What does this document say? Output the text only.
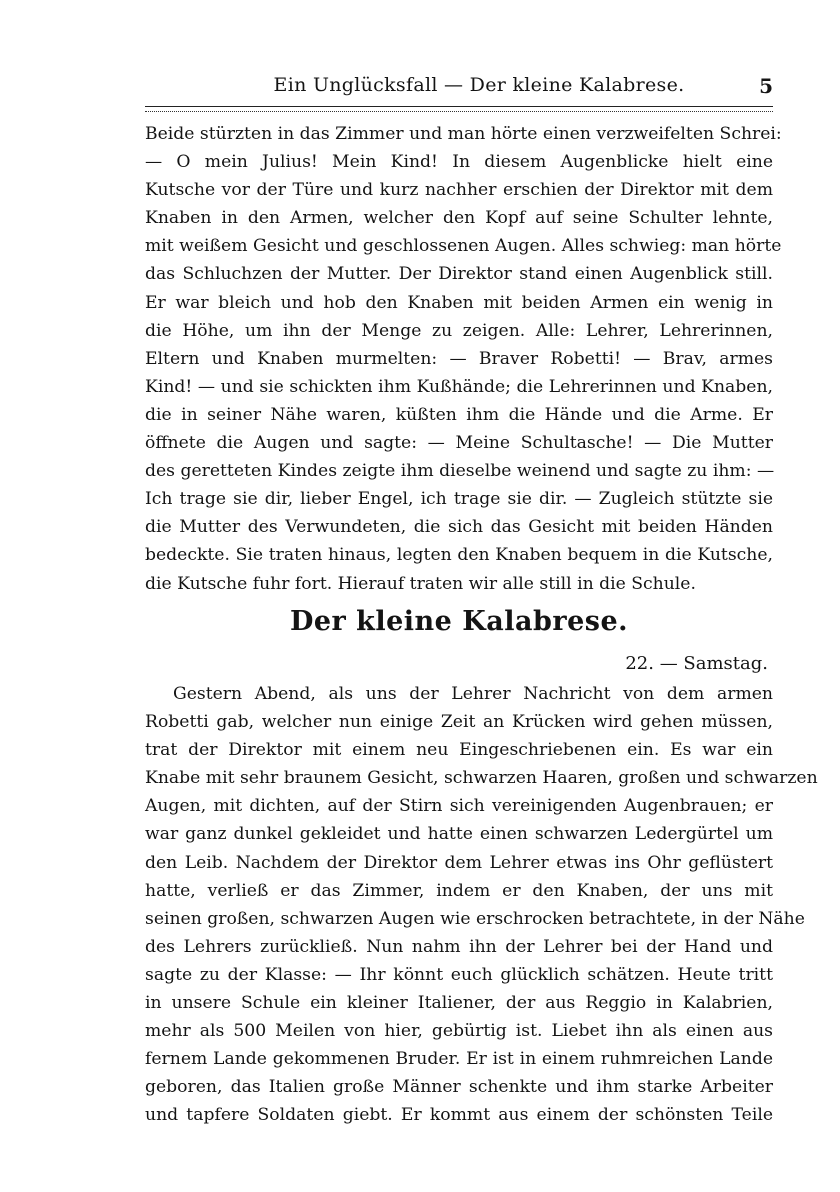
Ein Unglücksfall — Der kleine Kalabrese.	5
Beide stürzten in das Zimmer und man hörte einen verzweifelten Schrei:
— O mein Julius! Mein Kind! In diesem Augenblicke hielt eine
Kutsche vor der Türe und kurz nachher erschien der Direktor mit dem
Knaben in den Armen, welcher den Kopf auf seine Schulter lehnte,
mit weißem Gesicht und geschlossenen Augen. Alles schwieg: man hörte
das Schluchzen der Mutter. Der Direktor stand einen Augenblick still.
Er war bleich und hob den Knaben mit beiden Armen ein wenig in
die Höhe, um ihn der Menge zu zeigen. Alle: Lehrer, Lehrerinnen,
Eltern und Knaben murmelten: — Braver Robetti! — Brav, armes
Kind! — und sie schickten ihm Kußhände; die Lehrerinnen und Knaben,
die in seiner Nähe waren, küßten ihm die Hände und die Arme. Er
öffnete die Augen und sagte: — Meine Schultasche! — Die Mutter
des geretteten Kindes zeigte ihm dieselbe weinend und sagte zu ihm: —
Ich trage sie dir, lieber Engel, ich trage sie dir. — Zugleich stützte sie
die Mutter des Verwundeten, die sich das Gesicht mit beiden Händen
bedeckte. Sie traten hinaus, legten den Knaben bequem in die Kutsche,
die Kutsche fuhr fort. Hierauf traten wir alle still in die Schule.
Der kleine Kalabrese.

22. — Samstag.

Gestern Abend, als uns der Lehrer Nachricht von dem armen
Robetti gab, welcher nun einige Zeit an Krücken wird gehen müssen,
trat der Direktor mit einem neu Eingeschriebenen ein. Es war ein
Knabe mit sehr braunem Gesicht, schwarzen Haaren, großen und schwarzen
Augen, mit dichten, auf der Stirn sich vereinigenden Augenbrauen; er
war ganz dunkel gekleidet und hatte einen schwarzen Ledergürtel um
den Leib. Nachdem der Direktor dem Lehrer etwas ins Ohr geflüstert
hatte, verließ er das Zimmer, indem er den Knaben, der uns mit
seinen großen, schwarzen Augen wie erschrocken betrachtete, in der Nähe
des Lehrers zurückließ. Nun nahm ihn der Lehrer bei der Hand und
sagte zu der Klasse: — Ihr könnt euch glücklich schätzen. Heute tritt
in unsere Schule ein kleiner Italiener, der aus Reggio in Kalabrien,
mehr als 500 Meilen von hier, gebürtig ist. Liebet ihn als einen aus
fernem Lande gekommenen Bruder. Er ist in einem ruhmreichen Lande
geboren, das Italien große Männer schenkte und ihm starke Arbeiter
und tapfere Soldaten giebt. Er kommt aus einem der schönsten Teile
